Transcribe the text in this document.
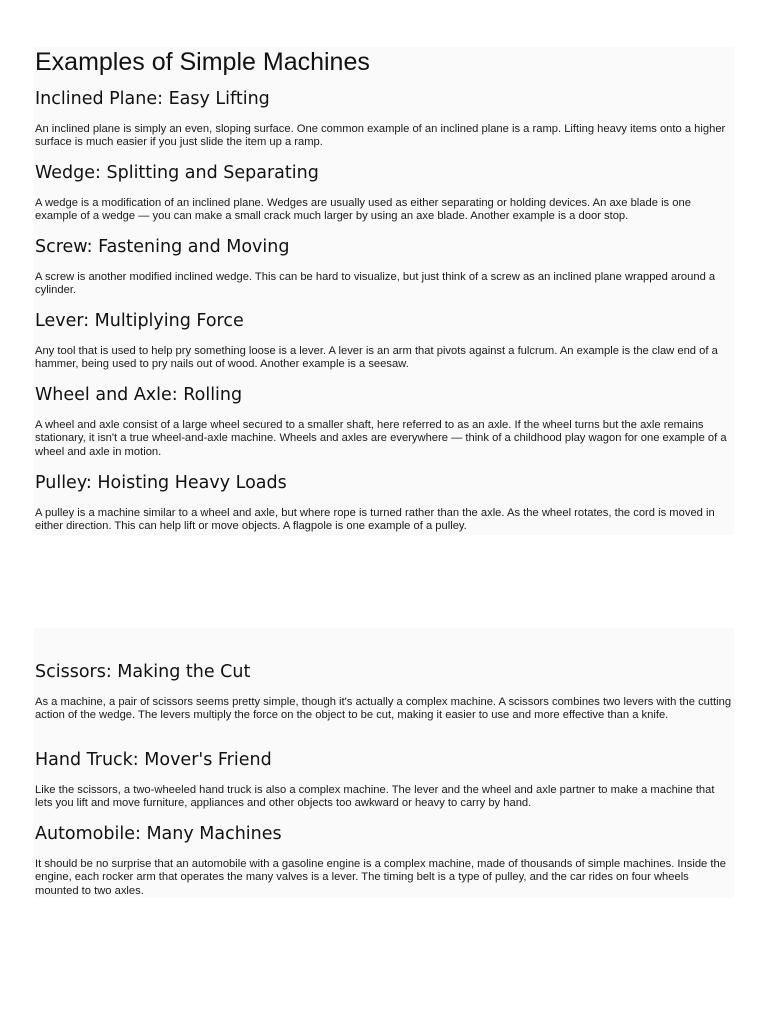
Examples of Simple Machines
Inclined Plane: Easy Lifting

An inclined plane is simply an even, sloping surface. One common example of an inclined plane is a ramp. Lifting heavy items onto a higher surface is much easier if you just slide the item up a ramp.

Wedge: Splitting and Separating

A wedge is a modification of an inclined plane. Wedges are usually used as either separating or holding devices. An axe blade is one example of a wedge — you can make a small crack much larger by using an axe blade. Another example is a door stop.

Screw: Fastening and Moving

A screw is another modified inclined wedge. This can be hard to visualize, but just think of a screw as an inclined plane wrapped around a cylinder.

Lever: Multiplying Force

Any tool that is used to help pry something loose is a lever. A lever is an arm that pivots against a fulcrum. An example is the claw end of a hammer, being used to pry nails out of wood. Another example is a seesaw.

Wheel and Axle: Rolling

A wheel and axle consist of a large wheel secured to a smaller shaft, here referred to as an axle. If the wheel turns but the axle remains stationary, it isn't a true wheel-and-axle machine. Wheels and axles are everywhere — think of a childhood play wagon for one example of a wheel and axle in motion.

Pulley: Hoisting Heavy Loads

A pulley is a machine similar to a wheel and axle, but where rope is turned rather than the axle. As the wheel rotates, the cord is moved in either direction. This can help lift or move objects. A flagpole is one example of a pulley.

Scissors: Making the Cut

As a machine, a pair of scissors seems pretty simple, though it's actually a complex machine. A scissors combines two levers with the cutting action of the wedge. The levers multiply the force on the object to be cut, making it easier to use and more effective than a knife.

Hand Truck: Mover's Friend

Like the scissors, a two-wheeled hand truck is also a complex machine. The lever and the wheel and axle partner to make a machine that lets you lift and move furniture, appliances and other objects too awkward or heavy to carry by hand.

Automobile: Many Machines

It should be no surprise that an automobile with a gasoline engine is a complex machine, made of thousands of simple machines. Inside the engine, each rocker arm that operates the many valves is a lever. The timing belt is a type of pulley, and the car rides on four wheels mounted to two axles.
